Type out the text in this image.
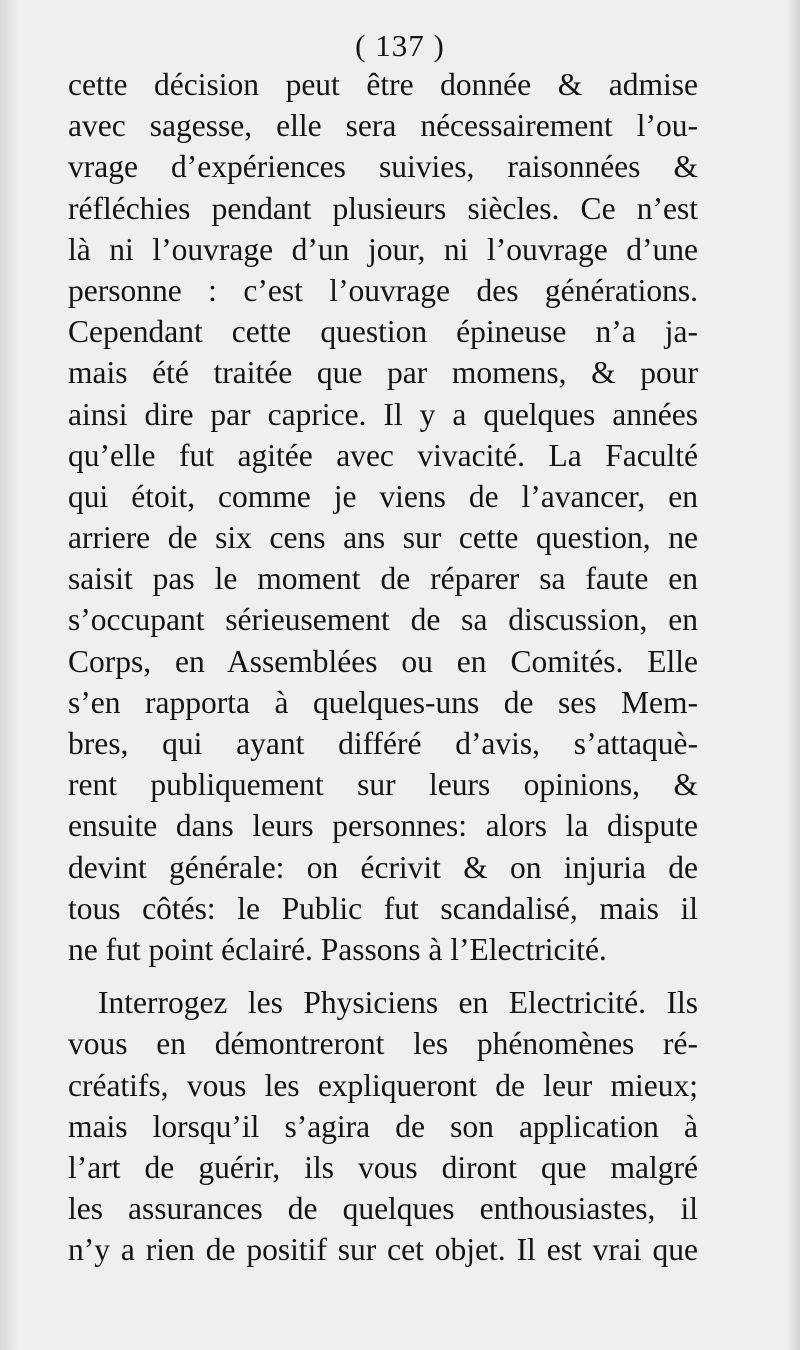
( 137 )
cette décision peut être donnée & admise
avec sagesse, elle sera nécessairement l’ou-
vrage d’expériences suivies, raisonnées &
réfléchies pendant plusieurs siècles. Ce n’est
là ni l’ouvrage d’un jour, ni l’ouvrage d’une
personne : c’est l’ouvrage des générations.
Cependant cette question épineuse n’a ja-
mais été traitée que par momens, & pour
ainsi dire par caprice. Il y a quelques années
qu’elle fut agitée avec vivacité. La Faculté
qui étoit, comme je viens de l’avancer, en
arriere de six cens ans sur cette question, ne
saisit pas le moment de réparer sa faute en
s’occupant sérieusement de sa discussion, en
Corps, en Assemblées ou en Comités. Elle
s’en rapporta à quelques-uns de ses Mem-
bres, qui ayant différé d’avis, s’attaquè-
rent publiquement sur leurs opinions, &
ensuite dans leurs personnes: alors la dispute
devint générale: on écrivit & on injuria de
tous côtés: le Public fut scandalisé, mais il
ne fut point éclairé. Passons à l’Electricité.
Interrogez les Physiciens en Electricité. Ils
vous en démontreront les phénomènes ré-
créatifs, vous les expliqueront de leur mieux;
mais lorsqu’il s’agira de son application à
l’art de guérir, ils vous diront que malgré
les assurances de quelques enthousiastes, il
n’y a rien de positif sur cet objet. Il est vrai que
